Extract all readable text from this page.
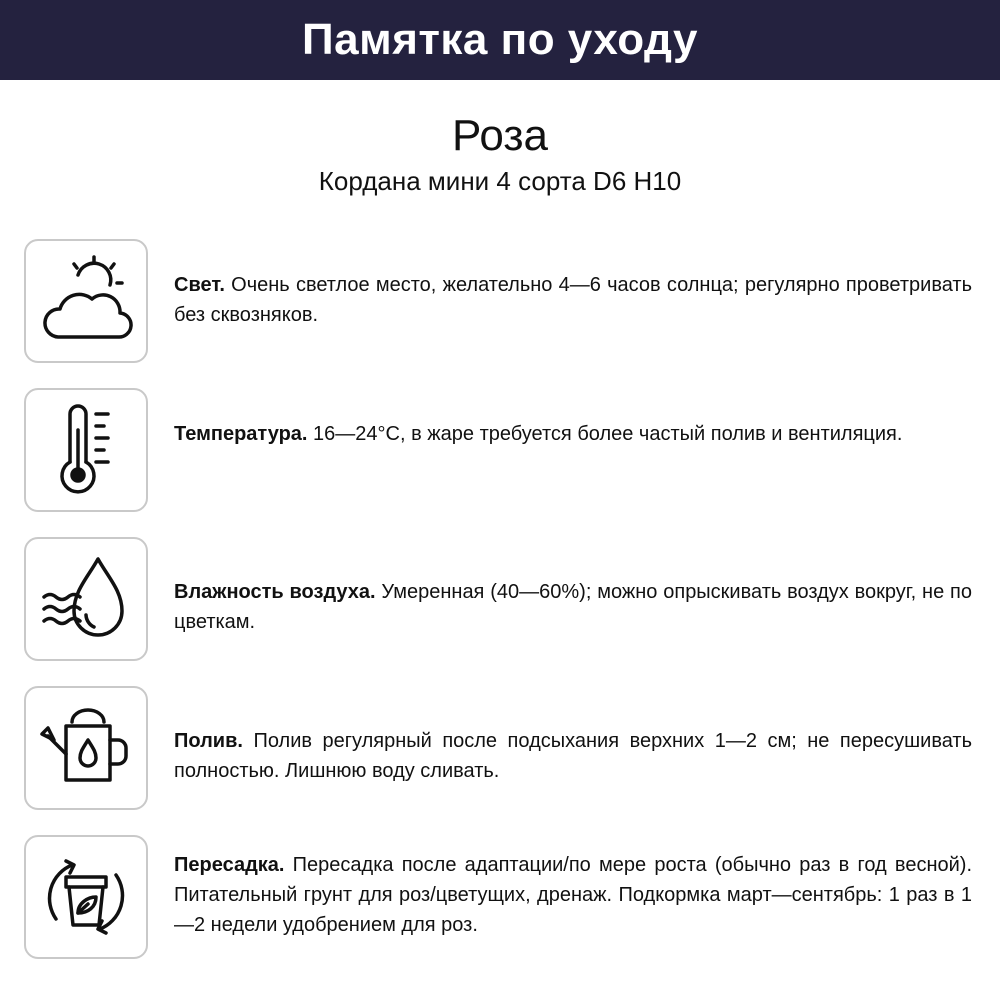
Памятка по уходу
Роза
Кордана мини 4 сорта D6 H10
Свет. Очень светлое место, желательно 4—6 часов солнца; регулярно проветривать без сквозняков.
Температура. 16—24°C, в жаре требуется более частый полив и вентиляция.
Влажность воздуха. Умеренная (40—60%); можно опрыскивать воздух вокруг, не по цветкам.
Полив. Полив регулярный после подсыхания верхних 1—2 см; не пересушивать полностью. Лишнюю воду сливать.
Пересадка. Пересадка после адаптации/по мере роста (обычно раз в год весной). Питательный грунт для роз/цветущих, дренаж. Подкормка март—сентябрь: 1 раз в 1—2 недели удобрением для роз.
